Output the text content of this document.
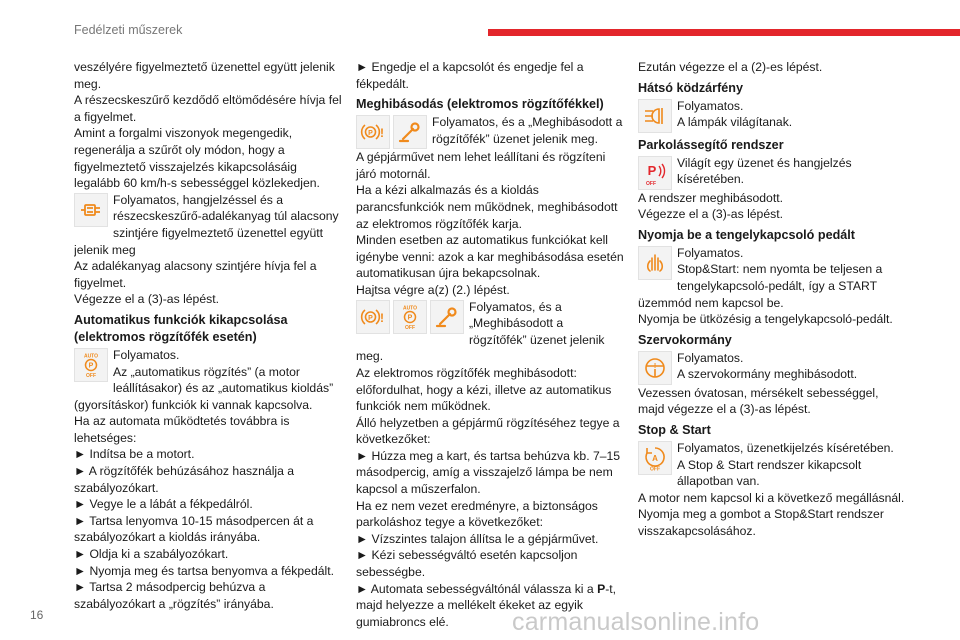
Fedélzeti műszerek

veszélyére figyelmeztető üzenettel együtt jelenik meg.

A részecskeszűrő kezdődő eltömődésére hívja fel a figyelmet.

Amint a forgalmi viszonyok megengedik, regenerálja a szűrőt oly módon, hogy a figyelmeztető visszajelzés kikapcsolásáig legalább 60 km/h-s sebességgel közlekedjen.

Folyamatos, hangjelzéssel és a részecskeszűrő-adalékanyag túl alacsony szintjére figyelmeztető üzenettel együtt jelenik meg

Az adalékanyag alacsony szintjére hívja fel a figyelmet.

Végezze el a (3)-as lépést.

Automatikus funkciók kikapcsolása (elektromos rögzítőfék esetén)
AUTO
P
OFF
Folyamatos.
Az „automatikus rögzítés” (a motor leállításakor) és az „automatikus kioldás” (gyorsításkor) funkciók ki vannak kapcsolva.

Ha az automata működtetés továbbra is lehetséges:

► Indítsa be a motort.

► A rögzítőfék behúzásához használja a szabályozókart.

► Vegye le a lábát a fékpedálról.

► Tartsa lenyomva 10-15 másodpercen át a szabályozókart a kioldás irányába.

► Oldja ki a szabályozókart.

► Nyomja meg és tartsa benyomva a fékpedált.

► Tartsa 2 másodpercig behúzva a szabályozókart a „rögzítés” irányába.

► Engedje el a kapcsolót és engedje fel a fékpedált.

Meghibásodás (elektromos rögzítőfékkel)
P !
Folyamatos, és a „Meghibásodott a rögzítőfék” üzenet jelenik meg.

A gépjárművet nem lehet leállítani és rögzíteni járó motornál.

Ha a kézi alkalmazás és a kioldás parancsfunkciók nem működnek, meghibásodott az elektromos rögzítőfék karja.

Minden esetben az automatikus funkciókat kell igénybe venni: azok a kar meghibásodása esetén automatikusan újra bekapcsolnak.

Hajtsa végre a(z) (2.) lépést.

P !
AUTO
P
OFF
Folyamatos, és a „Meghibásodott a rögzítőfék” üzenet jelenik meg.

Az elektromos rögzítőfék meghibásodott: előfordulhat, hogy a kézi, illetve az automatikus funkciók nem működnek.

Álló helyzetben a gépjármű rögzítéséhez tegye a következőket:

► Húzza meg a kart, és tartsa behúzva kb. 7–15 másodpercig, amíg a visszajelző lámpa be nem kapcsol a műszerfalon.

Ha ez nem vezet eredményre, a biztonságos parkoláshoz tegye a következőket:

► Vízszintes talajon állítsa le a gépjárművet.

► Kézi sebességváltó esetén kapcsoljon sebességbe.

► Automata sebességváltónál válassza ki a P-t, majd helyezze a mellékelt ékeket az egyik gumiabroncs elé.

Ezután végezze el a (2)-es lépést.

Hátsó ködzárfény
Folyamatos.
A lámpák világítanak.
Parkolássegítő rendszer
P
OFF
Világít egy üzenet és hangjelzés kíséretében.

A rendszer meghibásodott.

Végezze el a (3)-as lépést.

Nyomja be a tengelykapcsoló pedált
Folyamatos.
Stop&Start: nem nyomta be teljesen a tengelykapcsoló-pedált, így a START üzemmód nem kapcsol be.

Nyomja be ütközésig a tengelykapcsoló-pedált.

Szervokormány
!
Folyamatos.
A szervokormány meghibásodott.

Vezessen óvatosan, mérsékelt sebességgel, majd végezze el a (3)-as lépést.

Stop & Start
A
OFF
Folyamatos, üzenetkijelzés kíséretében.
A Stop & Start rendszer kikapcsolt állapotban van.

A motor nem kapcsol ki a következő megállásnál.

Nyomja meg a gombot a Stop&Start rendszer visszakapcsolásához.

16	carmanualsonline.info
